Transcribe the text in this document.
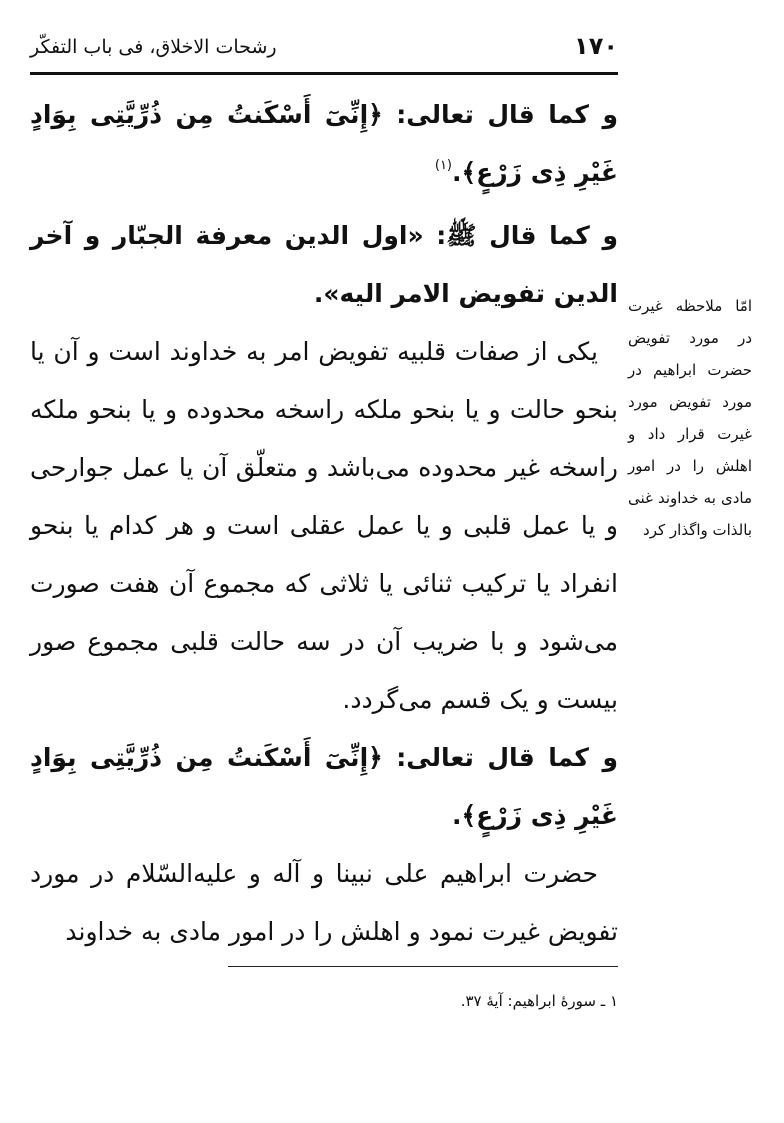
۱۷۰
رشحات الاخلاق، فی باب التفکّر

و کما قال تعالی: ﴿إِنِّیٓ أَسْکَنتُ مِن ذُرِّیَّتِی بِوَادٍ غَیْرِ ذِی زَرْعٍ﴾.$^{(۱)}$

و کما قال ﷺ: «اول الدین معرفة الجبّار و آخر الدین تفویض الامر الیه».

یکی از صفات قلبیه تفویض امر به خداوند است و آن یا بنحو حالت و یا بنحو ملکه راسخه محدوده و یا بنحو ملکه راسخه غیر محدوده می‌باشد و متعلّق آن یا عمل جوارحی و یا عمل قلبی و یا عمل عقلی است و هر کدام یا بنحو انفراد یا ترکیب ثنائی یا ثلاثی که مجموع آن هفت صورت می‌شود و با ضریب آن در سه حالت قلبی مجموع صور بیست و یک قسم می‌گردد.

و کما قال تعالی: ﴿إِنِّیٓ أَسْکَنتُ مِن ذُرِّیَّتِی بِوَادٍ غَیْرِ ذِی زَرْعٍ﴾.

حضرت ابراهیم علی نبینا و آله و علیه‌السّلام در مورد تفویض غیرت نمود و اهلش را در امور مادی به خداوند

امّا ملاحظه غیرت در مورد تفویض حضرت ابراهیم در مورد تفویض مورد غیرت قرار داد و اهلش را در امور مادی به خداوند غنی بالذات واگذار کرد
۱ ـ سورهٔ ابراهیم: آیهٔ ۳۷.
